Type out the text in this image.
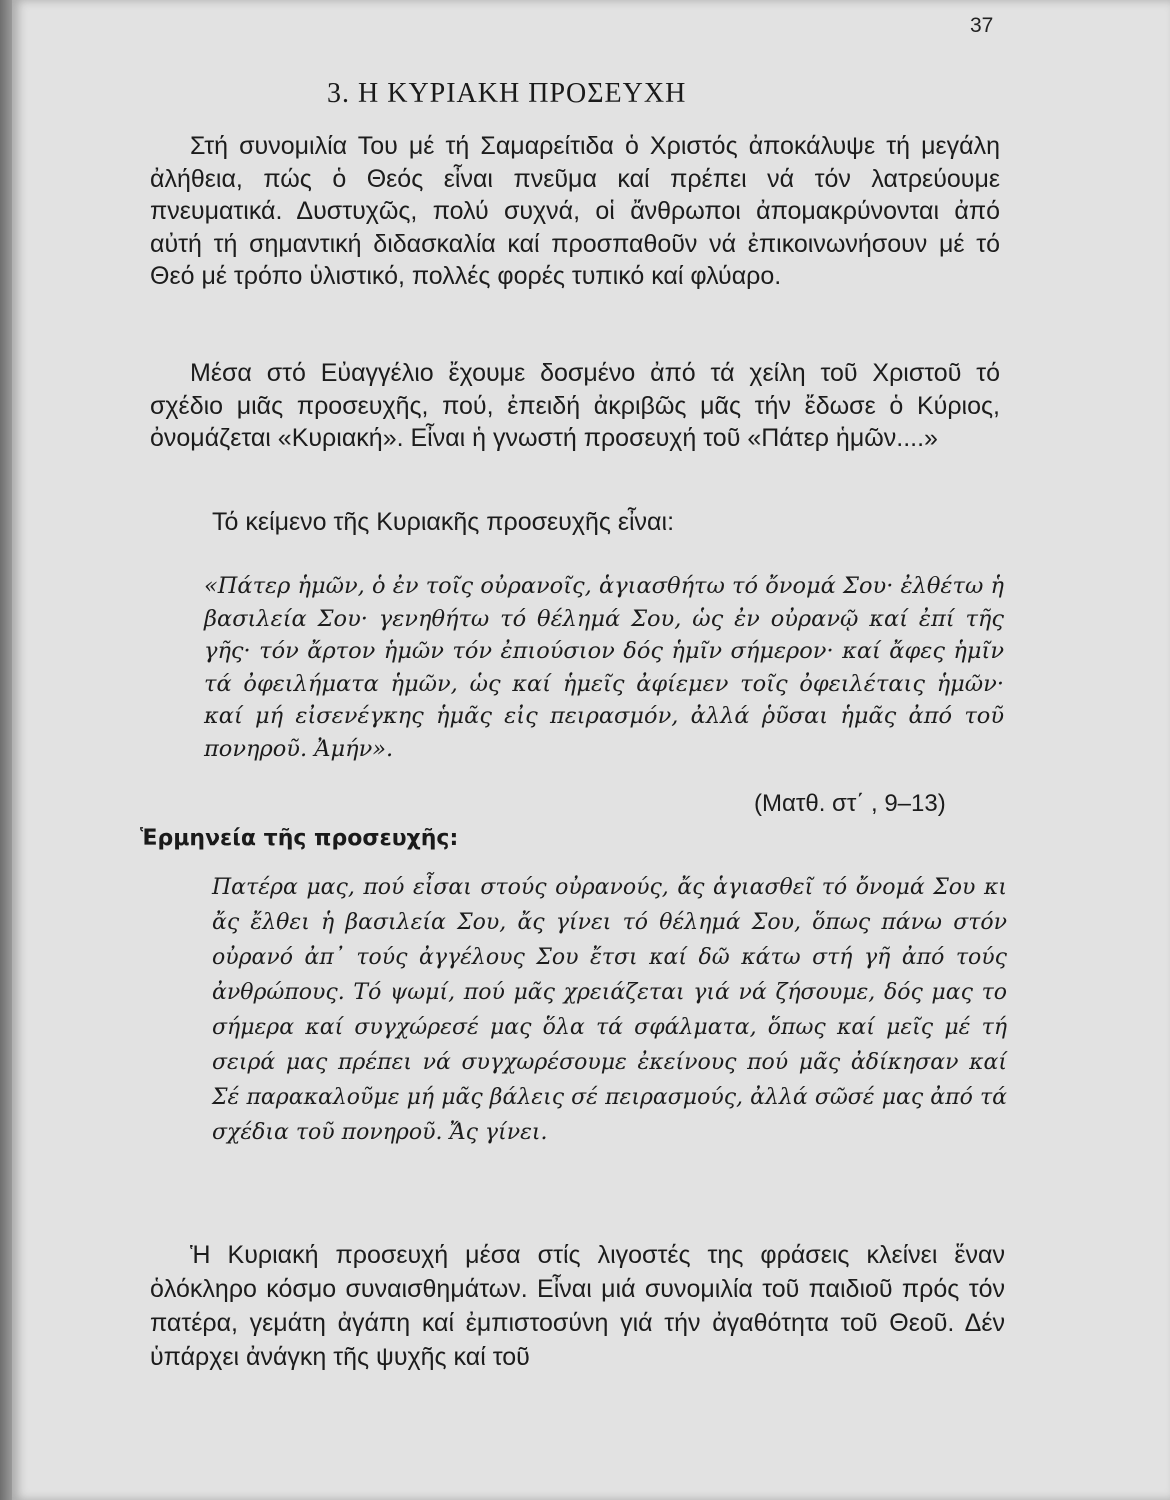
37
3. Η ΚΥΡΙΑΚΗ ΠΡΟΣΕΥΧΗ
Στή συνομιλία Του μέ τή Σαμαρείτιδα ὁ Χριστός ἀποκάλυψε τή μεγάλη ἀλήθεια, πώς ὁ Θεός εἶναι πνεῦμα καί πρέπει νά τόν λατρεύουμε πνευματικά. Δυστυχῶς, πολύ συχνά, οἱ ἄνθρωποι ἀπομακρύνονται ἀπό αὐτή τή σημαντική διδασκαλία καί προσπαθοῦν νά ἐπικοινωνήσουν μέ τό Θεό μέ τρόπο ὑλιστικό, πολλές φορές τυπικό καί φλύαρο.
Μέσα στό Εὐαγγέλιο ἔχουμε δοσμένο ἀπό τά χείλη τοῦ Χριστοῦ τό σχέδιο μιᾶς προσευχῆς, πού, ἐπειδή ἀκριβῶς μᾶς τήν ἔδωσε ὁ Κύριος, ὀνομάζεται «Κυριακή». Εἶναι ἡ γνωστή προσευχή τοῦ «Πάτερ ἡμῶν....»
Τό κείμενο τῆς Κυριακῆς προσευχῆς εἶναι:
«Πάτερ ἡμῶν, ὁ ἐν τοῖς οὐρανοῖς, ἁγιασθήτω τό ὄνομά Σου· ἐλθέτω ἡ βασιλεία Σου· γενηθήτω τό θέλημά Σου, ὡς ἐν οὐρανῷ καί ἐπί τῆς γῆς· τόν ἄρτον ἡμῶν τόν ἐπιούσιον δός ἡμῖν σήμερον· καί ἄφες ἡμῖν τά ὀφειλήματα ἡμῶν, ὡς καί ἡμεῖς ἀφίεμεν τοῖς ὀφειλέταις ἡμῶν· καί μή εἰσενέγκης ἡμᾶς εἰς πειρασμόν, ἀλλά ῥῦσαι ἡμᾶς ἀπό τοῦ πονηροῦ. Ἀμήν».
(Ματθ. στ΄ , 9–13)
Ἑρμηνεία τῆς προσευχῆς:
Πατέρα μας, πού εἶσαι στούς οὐρανούς, ἄς ἁγιασθεῖ τό ὄνομά Σου κι ἄς ἔλθει ἡ βασιλεία Σου, ἄς γίνει τό θέλημά Σου, ὅπως πάνω στόν οὐρανό ἀπ᾽ τούς ἀγγέλους Σου ἔτσι καί δῶ κάτω στή γῆ ἀπό τούς ἀνθρώπους. Τό ψωμί, πού μᾶς χρειάζεται γιά νά ζήσουμε, δός μας το σήμερα καί συγχώρεσέ μας ὅλα τά σφάλματα, ὅπως καί μεῖς μέ τή σειρά μας πρέπει νά συγχωρέσουμε ἐκείνους πού μᾶς ἀδίκησαν καί Σέ παρακαλοῦμε μή μᾶς βάλεις σέ πειρασμούς, ἀλλά σῶσέ μας ἀπό τά σχέδια τοῦ πονηροῦ. Ἄς γίνει.
Ἡ Κυριακή προσευχή μέσα στίς λιγοστές της φράσεις κλείνει ἕναν ὁλόκληρο κόσμο συναισθημάτων. Εἶναι μιά συνομιλία τοῦ παιδιοῦ πρός τόν πατέρα, γεμάτη ἀγάπη καί ἐμπιστοσύνη γιά τήν ἀγαθότητα τοῦ Θεοῦ. Δέν ὑπάρχει ἀνάγκη τῆς ψυχῆς καί τοῦ
